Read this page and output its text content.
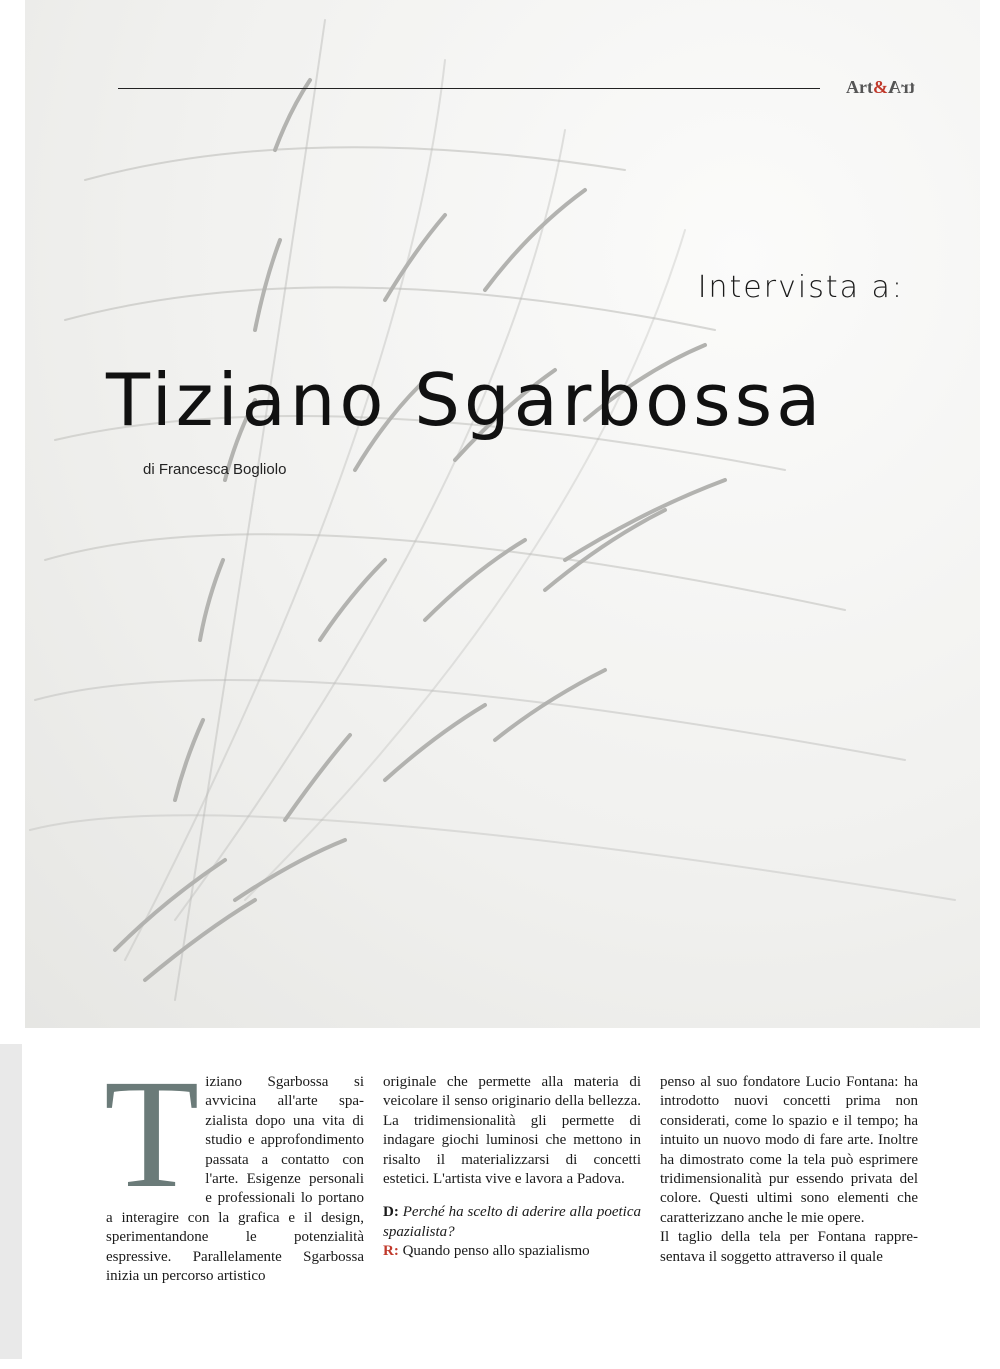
Art&trA
Intervista a:
Tiziano Sgarbossa
di Francesca Bogliolo
T iziano Sgarbossa si avvicina all'arte spazialista dopo una vita di studio e approfondimento passata a contatto con l'arte. Esigenze personali e professionali lo portano a interagire con la grafica e il design, sperimentandone le potenzialità espressive. Parallelamente Sgarbossa inizia un percorso artistico

originale che permette alla materia di veicolare il senso originario della bellezza. La tridimensionalità gli permette di indagare giochi luminosi che mettono in risalto il materializzarsi di concetti estetici. L'artista vive e lavora a Padova.

D: Perché ha scelto di aderire alla poetica spazialista?

R: Quando penso allo spazialismo

penso al suo fondatore Lucio Fontana: ha introdotto nuovi concetti prima non considerati, come lo spazio e il tempo; ha intuito un nuovo modo di fare arte. Inoltre ha dimostrato come la tela può esprimere tridimensionalità pur essendo privata del colore. Questi ultimi sono elementi che caratterizzano anche le mie opere.

Il taglio della tela per Fontana rappresentava il soggetto attraverso il quale
